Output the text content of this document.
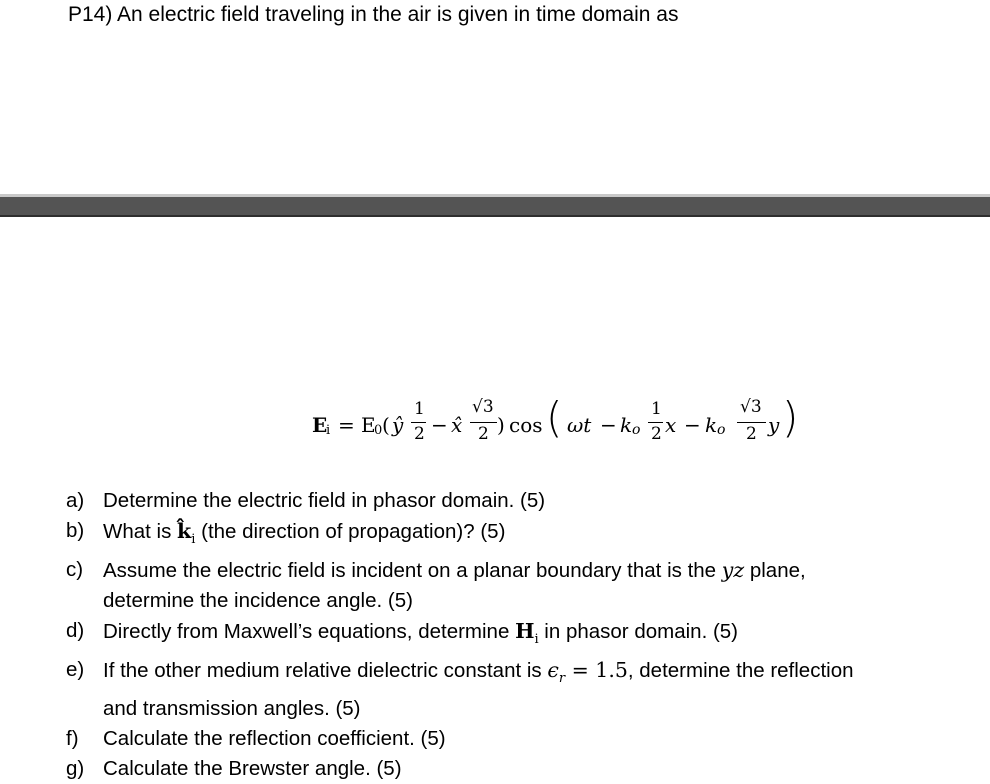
P14) An electric field traveling in the air is given in time domain as
E
i = E
0 ( ŷ
1
2 − x̂
√3
2 ) cos ( ωt − k o
1
2 x − k o
√3
2 y )
a) Determine the electric field in phasor domain. (5)
b) What is $k̂_i$ (the direction of propagation)? (5)
c) Assume the electric field is incident on a planar boundary that is the yz plane,
determine the incidence angle. (5)
d) Directly from Maxwell’s equations, determine $H_i$ in phasor domain. (5)
e) If the other medium relative dielectric constant is $\epsilon_r = 1.5$, determine the reflection
and transmission angles. (5)
f)	Calculate the reflection coefficient. (5)
g) Calculate the Brewster angle. (5)
